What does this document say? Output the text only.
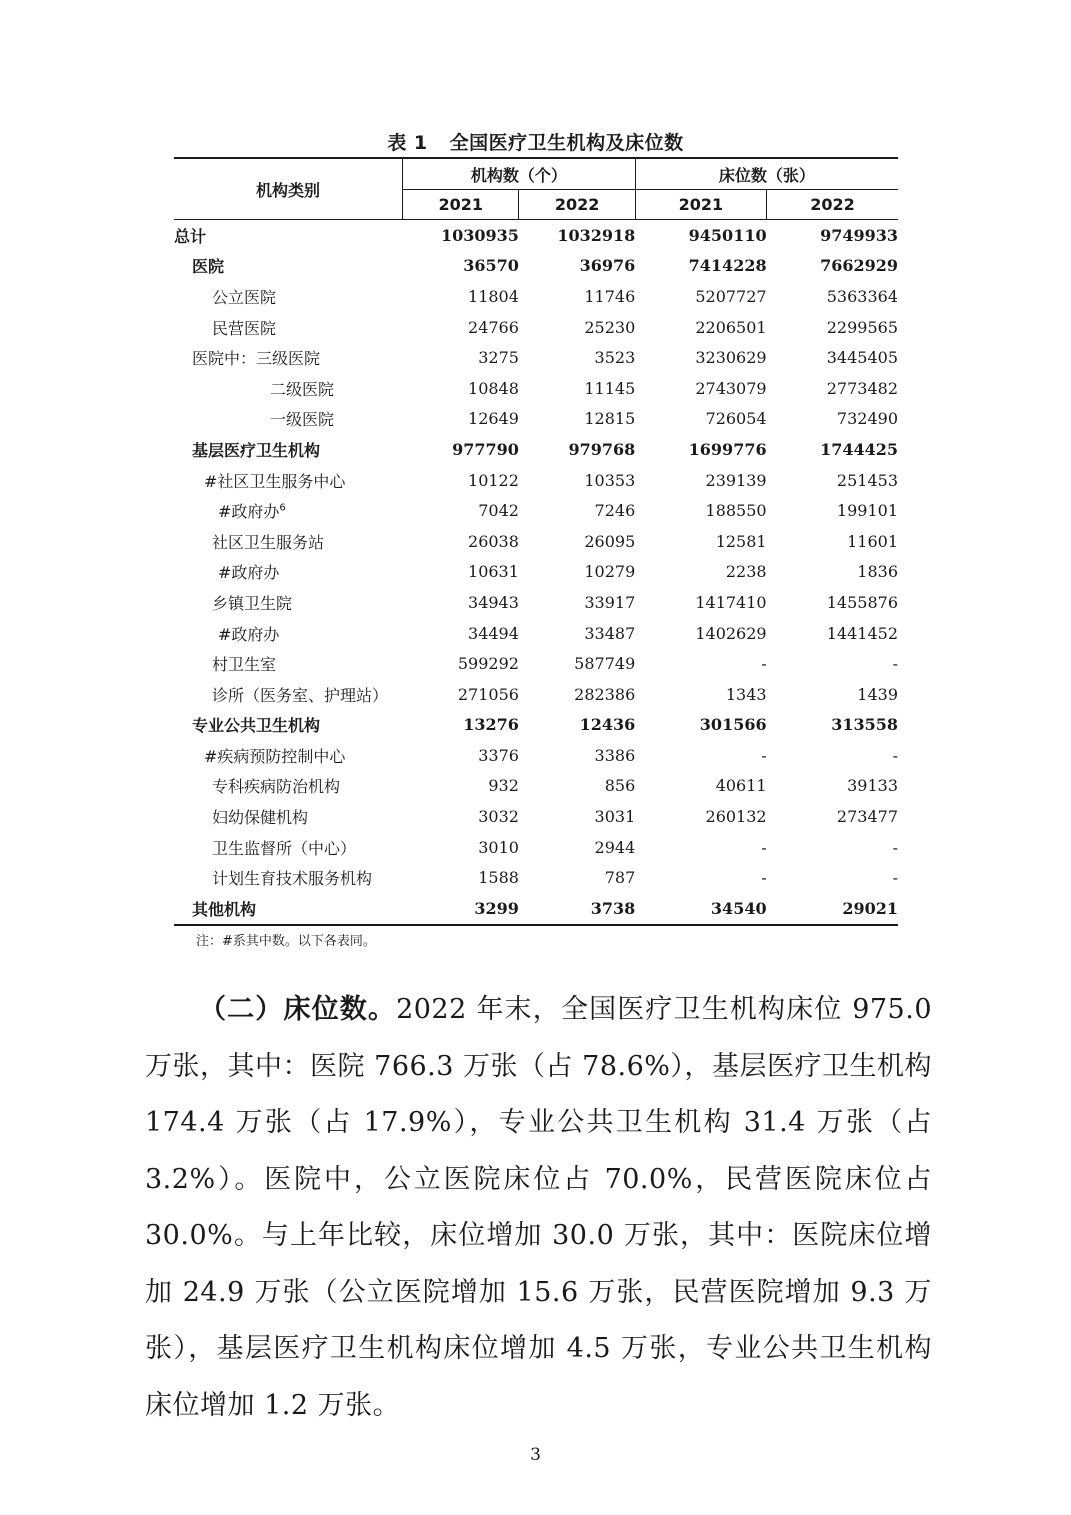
表 1 全国医疗卫生机构及床位数
机构类别	机构数（个）		床位数（张）	
	2021	2022	2021	2022
总计	1030935	1032918	9450110	9749933
医院	36570	36976	7414228	7662929
公立医院	11804	11746	5207727	5363364
民营医院	24766	25230	2206501	2299565
医院中：三级医院	3275	3523	3230629	3445405
二级医院	10848	11145	2743079	2773482
一级医院	12649	12815	726054	732490
基层医疗卫生机构	977790	979768	1699776	1744425
#社区卫生服务中心	10122	10353	239139	251453
#政府办$^6$	7042	7246	188550	199101
社区卫生服务站	26038	26095	12581	11601
#政府办	10631	10279	2238	1836
乡镇卫生院	34943	33917	1417410	1455876
#政府办	34494	33487	1402629	1441452
村卫生室	599292	587749	-	-
诊所（医务室、护理站）	271056	282386	1343	1439
专业公共卫生机构	13276	12436	301566	313558
#疾病预防控制中心	3376	3386	-	-
专科疾病防治机构	932	856	40611	39133
妇幼保健机构	3032	3031	260132	273477
卫生监督所（中心）	3010	2944	-	-
计划生育技术服务机构	1588	787	-	-
其他机构	3299	3738	34540	29021
注：#系其中数。以下各表同。

（二）床位数。2022 年末，全国医疗卫生机构床位 975.0 万张，其中：医院 766.3 万张（占 78.6%），基层医疗卫生机构 174.4 万张（占 17.9%），专业公共卫生机构 31.4 万张（占 3.2%）。医院中，公立医院床位占 70.0%，民营医院床位占 30.0%。与上年比较，床位增加 30.0 万张，其中：医院床位增加 24.9 万张（公立医院增加 15.6 万张，民营医院增加 9.3 万张），基层医疗卫生机构床位增加 4.5 万张，专业公共卫生机构床位增加 1.2 万张。

3
